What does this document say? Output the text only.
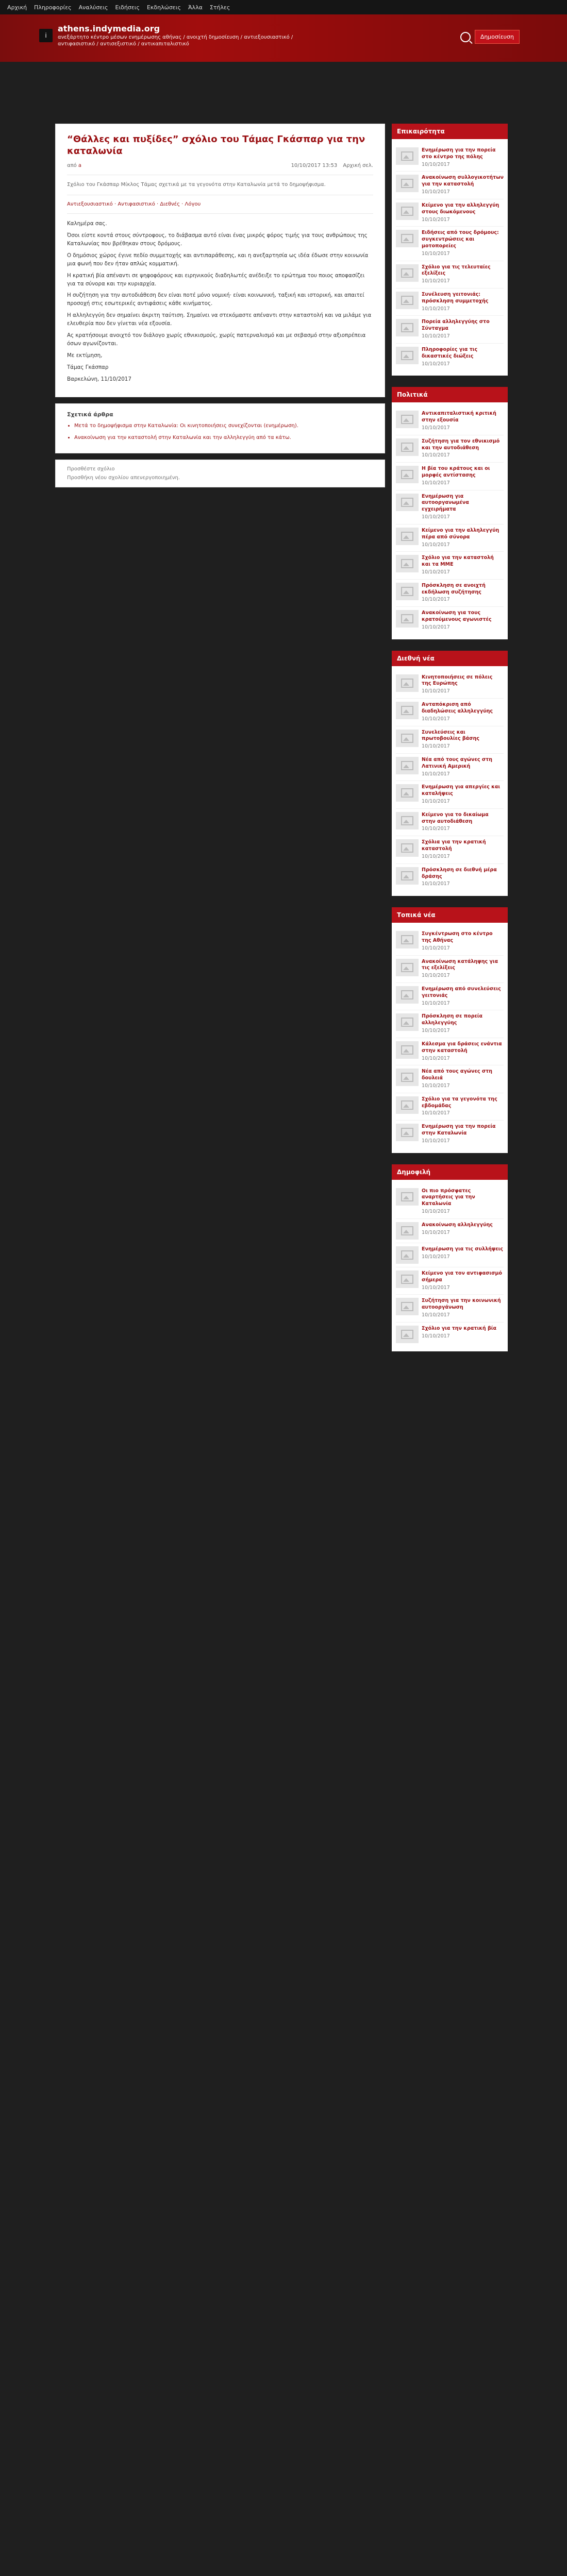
Αρχική Πληροφορίες Αναλύσεις Ειδήσεις Εκδηλώσεις Άλλα Στήλες
i
athens.indymedia.org
ανεξάρτητο κέντρο μέσων ενημέρωσης αθήνας / ανοιχτή δημοσίευση / αντιεξουσιαστικό / αντιφασιστικό / αντισεξιστικό / αντικαπιταλιστικό
Δημοσίευση
“Θάλλες και πυξίδες” σχόλιο του Τάμας Γκάσπαρ για την καταλωνία
από a	10/10/2017 13:53 Αρχική σελ.
Σχόλιο του Γκάσπαρ Μίκλος Τάμας σχετικά με τα γεγονότα στην Καταλωνία μετά το δημοψήφισμα.
Αντιεξουσιαστικό · Αντιφασιστικό · Διεθνές · Λόγου

Καλημέρα σας.

Όσοι είστε κοντά στους σύντροφους, το διάβασμα αυτό είναι ένας μικρός φόρος τιμής για τους ανθρώπους της Καταλωνίας που βρέθηκαν στους δρόμους.

Ο δημόσιος χώρος έγινε πεδίο συμμετοχής και αντιπαράθεσης, και η ανεξαρτησία ως ιδέα έδωσε στην κοινωνία μια φωνή που δεν ήταν απλώς κομματική.

Η κρατική βία απέναντι σε ψηφοφόρους και ειρηνικούς διαδηλωτές ανέδειξε το ερώτημα του ποιος αποφασίζει για τα σύνορα και την κυριαρχία.

Η συζήτηση για την αυτοδιάθεση δεν είναι ποτέ μόνο νομική· είναι κοινωνική, ταξική και ιστορική, και απαιτεί προσοχή στις εσωτερικές αντιφάσεις κάθε κινήματος.

Η αλληλεγγύη δεν σημαίνει άκριτη ταύτιση. Σημαίνει να στεκόμαστε απέναντι στην καταστολή και να μιλάμε για ελευθερία που δεν γίνεται νέα εξουσία.

Ας κρατήσουμε ανοιχτό τον διάλογο χωρίς εθνικισμούς, χωρίς πατερναλισμό και με σεβασμό στην αξιοπρέπεια όσων αγωνίζονται.

Με εκτίμηση,

Τάμας Γκάσπαρ

Βαρκελώνη, 11/10/2017

Σχετικά άρθρα
• Μετά το δημοψήφισμα στην Καταλωνία: Οι κινητοποιήσεις συνεχίζονται (ενημέρωση).
• Ανακοίνωση για την καταστολή στην Καταλωνία και την αλληλεγγύη από τα κάτω.
Προσθέστε σχόλιο
Προσθήκη νέου σχολίου απενεργοποιημένη.
Επικαιρότητα
Ενημέρωση για την πορεία στο κέντρο της πόλης
10/10/2017
Ανακοίνωση συλλογικοτήτων για την καταστολή
10/10/2017
Κείμενο για την αλληλεγγύη στους διωκόμενους
10/10/2017
Ειδήσεις από τους δρόμους: συγκεντρώσεις και μοτοπορείες
10/10/2017
Σχόλιο για τις τελευταίες εξελίξεις
10/10/2017
Συνέλευση γειτονιάς: πρόσκληση συμμετοχής
10/10/2017
Πορεία αλληλεγγύης στο Σύνταγμα
10/10/2017
Πληροφορίες για τις δικαστικές διώξεις
10/10/2017
Πολιτικά
Αντικαπιταλιστική κριτική στην εξουσία
10/10/2017
Συζήτηση για τον εθνικισμό και την αυτοδιάθεση
10/10/2017
Η βία του κράτους και οι μορφές αντίστασης
10/10/2017
Ενημέρωση για αυτοοργανωμένα εγχειρήματα
10/10/2017
Κείμενο για την αλληλεγγύη πέρα από σύνορα
10/10/2017
Σχόλιο για την καταστολή και τα ΜΜΕ
10/10/2017
Πρόσκληση σε ανοιχτή εκδήλωση συζήτησης
10/10/2017
Ανακοίνωση για τους κρατούμενους αγωνιστές
10/10/2017
Διεθνή νέα
Κινητοποιήσεις σε πόλεις της Ευρώπης
10/10/2017
Ανταπόκριση από διαδηλώσεις αλληλεγγύης
10/10/2017
Συνελεύσεις και πρωτοβουλίες βάσης
10/10/2017
Νέα από τους αγώνες στη Λατινική Αμερική
10/10/2017
Ενημέρωση για απεργίες και καταλήψεις
10/10/2017
Κείμενο για το δικαίωμα στην αυτοδιάθεση
10/10/2017
Σχόλια για την κρατική καταστολή
10/10/2017
Πρόσκληση σε διεθνή μέρα δράσης
10/10/2017
Τοπικά νέα
Συγκέντρωση στο κέντρο της Αθήνας
10/10/2017
Ανακοίνωση κατάληψης για τις εξελίξεις
10/10/2017
Ενημέρωση από συνελεύσεις γειτονιάς
10/10/2017
Πρόσκληση σε πορεία αλληλεγγύης
10/10/2017
Κάλεσμα για δράσεις ενάντια στην καταστολή
10/10/2017
Νέα από τους αγώνες στη δουλειά
10/10/2017
Σχόλιο για τα γεγονότα της εβδομάδας
10/10/2017
Ενημέρωση για την πορεία στην Καταλωνία
10/10/2017
Δημοφιλή
Οι πιο πρόσφατες αναρτήσεις για την Καταλωνία
10/10/2017
Ανακοίνωση αλληλεγγύης
10/10/2017
Ενημέρωση για τις συλλήψεις
10/10/2017
Κείμενο για τον αντιφασισμό σήμερα
10/10/2017
Συζήτηση για την κοινωνική αυτοοργάνωση
10/10/2017
Σχόλιο για την κρατική βία
10/10/2017
